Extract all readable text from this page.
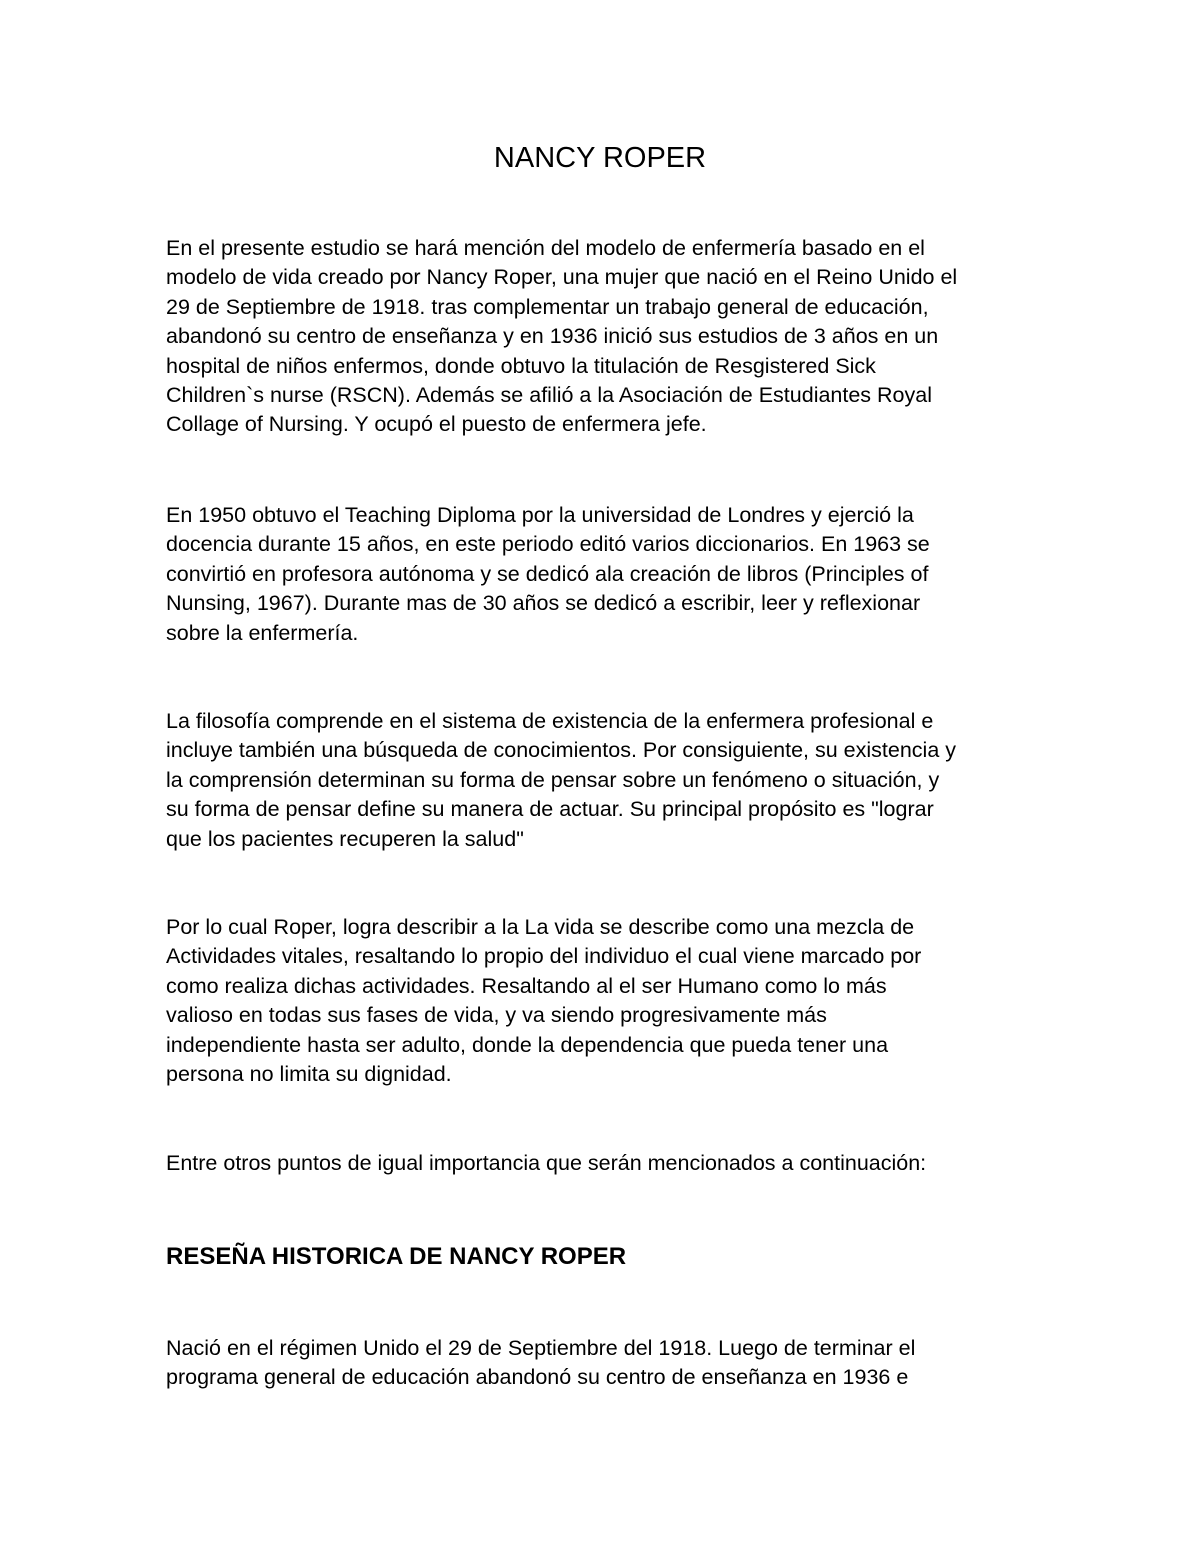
NANCY ROPER

En el presente estudio se hará mención del modelo de enfermería basado en el
modelo de vida creado por Nancy Roper, una mujer que nació en el Reino Unido el
29 de Septiembre de 1918. tras complementar un trabajo general de educación,
abandonó su centro de enseñanza y en 1936 inició sus estudios de 3 años en un
hospital de niños enfermos, donde obtuvo la titulación de Resgistered Sick
Children`s nurse (RSCN). Además se afilió a la Asociación de Estudiantes Royal
Collage of Nursing. Y ocupó el puesto de enfermera jefe.

En 1950 obtuvo el Teaching Diploma por la universidad de Londres y ejerció la
docencia durante 15 años, en este periodo editó varios diccionarios. En 1963 se
convirtió en profesora autónoma y se dedicó ala creación de libros (Principles of
Nunsing, 1967). Durante mas de 30 años se dedicó a escribir, leer y reflexionar
sobre la enfermería.

La filosofía comprende en el sistema de existencia de la enfermera profesional e
incluye también una búsqueda de conocimientos. Por consiguiente, su existencia y
la comprensión determinan su forma de pensar sobre un fenómeno o situación, y
su forma de pensar define su manera de actuar. Su principal propósito es "lograr
que los pacientes recuperen la salud"

Por lo cual Roper, logra describir a la La vida se describe como una mezcla de
Actividades vitales, resaltando lo propio del individuo el cual viene marcado por
como realiza dichas actividades. Resaltando al el ser Humano como lo más
valioso en todas sus fases de vida, y va siendo progresivamente más
independiente hasta ser adulto, donde la dependencia que pueda tener una
persona no limita su dignidad.

Entre otros puntos de igual importancia que serán mencionados a continuación:

RESEÑA HISTORICA DE NANCY ROPER

Nació en el régimen Unido el 29 de Septiembre del 1918. Luego de terminar el
programa general de educación abandonó su centro de enseñanza en 1936 e
